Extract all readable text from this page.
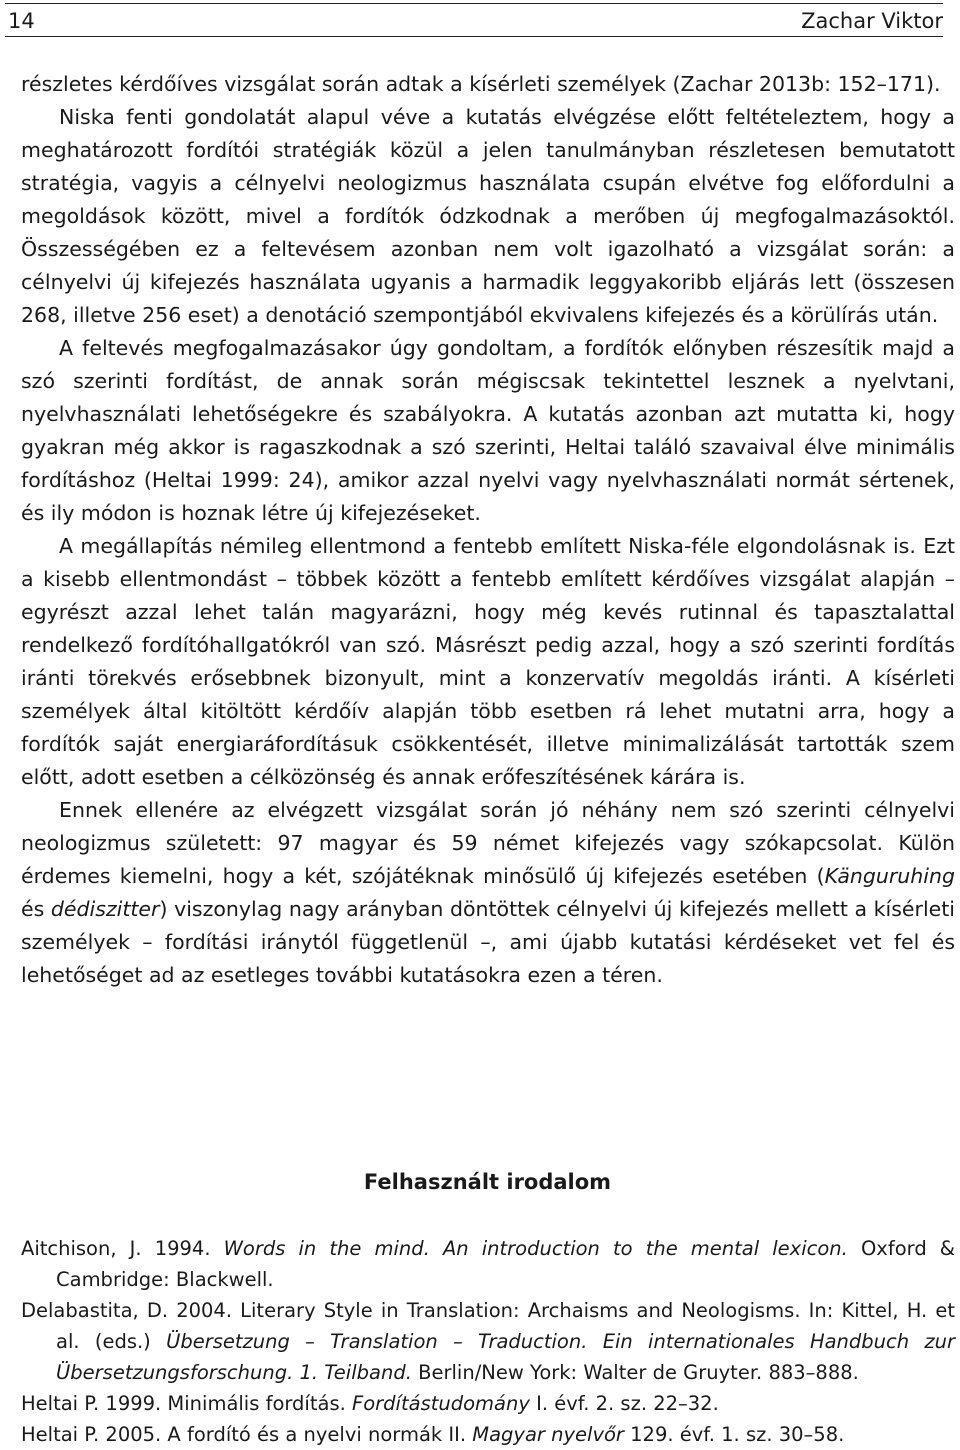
14	Zachar Viktor

részletes kérdőíves vizsgálat során adtak a kísérleti személyek (Zachar 2013b: 152–171).

Niska fenti gondolatát alapul véve a kutatás elvégzése előtt feltételeztem, hogy a meghatározott fordítói stratégiák közül a jelen tanulmányban részletesen bemutatott stratégia, vagyis a célnyelvi neologizmus használata csupán elvétve fog előfordulni a megoldások között, mivel a fordítók ódzkodnak a merőben új megfogalmazásoktól. Összességében ez a feltevésem azonban nem volt igazolható a vizsgálat során: a célnyelvi új kifejezés használata ugyanis a harmadik leggyakoribb eljárás lett (összesen 268, illetve 256 eset) a denotáció szempontjából ekvivalens kifejezés és a körülírás után.

A feltevés megfogalmazásakor úgy gondoltam, a fordítók előnyben részesítik majd a szó szerinti fordítást, de annak során mégiscsak tekintettel lesznek a nyelvtani, nyelvhasználati lehetőségekre és szabályokra. A kutatás azonban azt mutatta ki, hogy gyakran még akkor is ragaszkodnak a szó szerinti, Heltai találó szavaival élve minimális fordításhoz (Heltai 1999: 24), amikor azzal nyelvi vagy nyelvhasználati normát sértenek, és ily módon is hoznak létre új kifejezéseket.

A megállapítás némileg ellentmond a fentebb említett Niska-féle elgondolásnak is. Ezt a kisebb ellentmondást – többek között a fentebb említett kérdőíves vizsgálat alapján – egyrészt azzal lehet talán magyarázni, hogy még kevés rutinnal és tapasztalattal rendelkező fordítóhallgatókról van szó. Másrészt pedig azzal, hogy a szó szerinti fordítás iránti törekvés erősebbnek bizonyult, mint a konzervatív megoldás iránti. A kísérleti személyek által kitöltött kérdőív alapján több esetben rá lehet mutatni arra, hogy a fordítók saját energiaráfordításuk csökkentését, illetve minimalizálását tartották szem előtt, adott esetben a célközönség és annak erőfeszítésének kárára is.

Ennek ellenére az elvégzett vizsgálat során jó néhány nem szó szerinti célnyelvi neologizmus született: 97 magyar és 59 német kifejezés vagy szókapcsolat. Külön érdemes kiemelni, hogy a két, szójátéknak minősülő új kifejezés esetében (Känguruhing és dédiszitter) viszonylag nagy arányban döntöttek célnyelvi új kifejezés mellett a kísérleti személyek – fordítási iránytól függetlenül –, ami újabb kutatási kérdéseket vet fel és lehetőséget ad az esetleges további kutatásokra ezen a téren.

Felhasznált irodalom

Aitchison, J. 1994. Words in the mind. An introduction to the mental lexicon. Oxford & Cambridge: Blackwell.

Delabastita, D. 2004. Literary Style in Translation: Archaisms and Neologisms. In: Kittel, H. et al. (eds.) Übersetzung – Translation – Traduction. Ein internationales Handbuch zur Übersetzungsforschung. 1. Teilband. Berlin/New York: Walter de Gruyter. 883–888.

Heltai P. 1999. Minimális fordítás. Fordítástudomány I. évf. 2. sz. 22–32.

Heltai P. 2005. A fordító és a nyelvi normák II. Magyar nyelvőr 129. évf. 1. sz. 30–58.
